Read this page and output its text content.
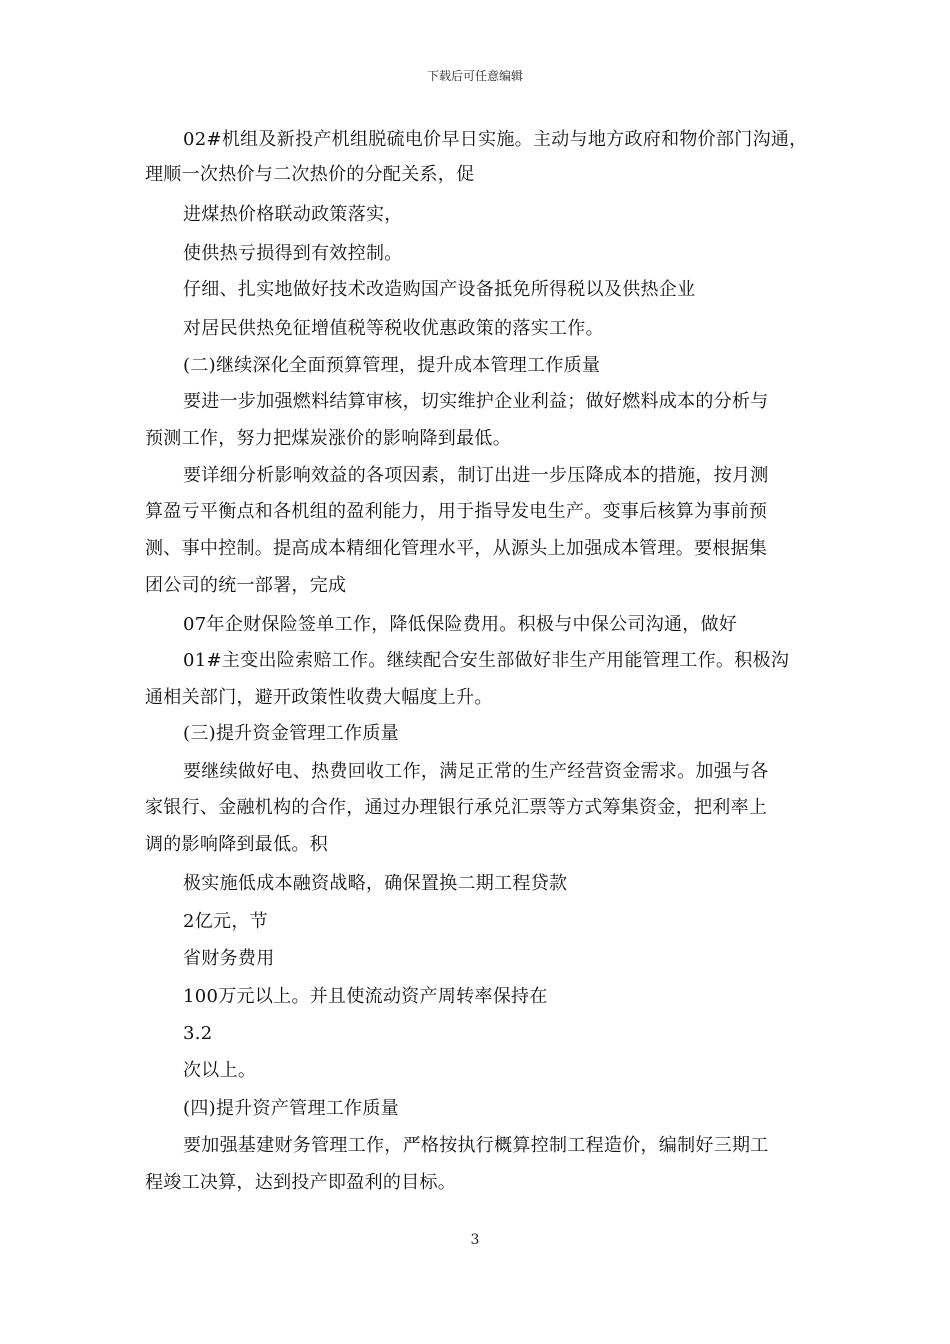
下载后可任意编辑
02#机组及新投产机组脱硫电价早日实施。主动与地方政府和物价部门沟通，
理顺一次热价与二次热价的分配关系，促
进煤热价格联动政策落实，
使供热亏损得到有效控制。
仔细、扎实地做好技术改造购国产设备抵免所得税以及供热企业
对居民供热免征增值税等税收优惠政策的落实工作。
(二)继续深化全面预算管理，提升成本管理工作质量
要进一步加强燃料结算审核，切实维护企业利益；做好燃料成本的分析与
预测工作，努力把煤炭涨价的影响降到最低。
要详细分析影响效益的各项因素，制订出进一步压降成本的措施，按月测
算盈亏平衡点和各机组的盈利能力，用于指导发电生产。变事后核算为事前预
测、事中控制。提高成本精细化管理水平，从源头上加强成本管理。要根据集
团公司的统一部署，完成
07年企财保险签单工作，降低保险费用。积极与中保公司沟通，做好
01#主变出险索赔工作。继续配合安生部做好非生产用能管理工作。积极沟
通相关部门，避开政策性收费大幅度上升。
(三)提升资金管理工作质量
要继续做好电、热费回收工作，满足正常的生产经营资金需求。加强与各
家银行、金融机构的合作，通过办理银行承兑汇票等方式筹集资金，把利率上
调的影响降到最低。积
极实施低成本融资战略，确保置换二期工程贷款
2亿元，节
省财务费用
100万元以上。并且使流动资产周转率保持在
3.2
次以上。
(四)提升资产管理工作质量
要加强基建财务管理工作，严格按执行概算控制工程造价，编制好三期工
程竣工决算，达到投产即盈利的目标。
3
